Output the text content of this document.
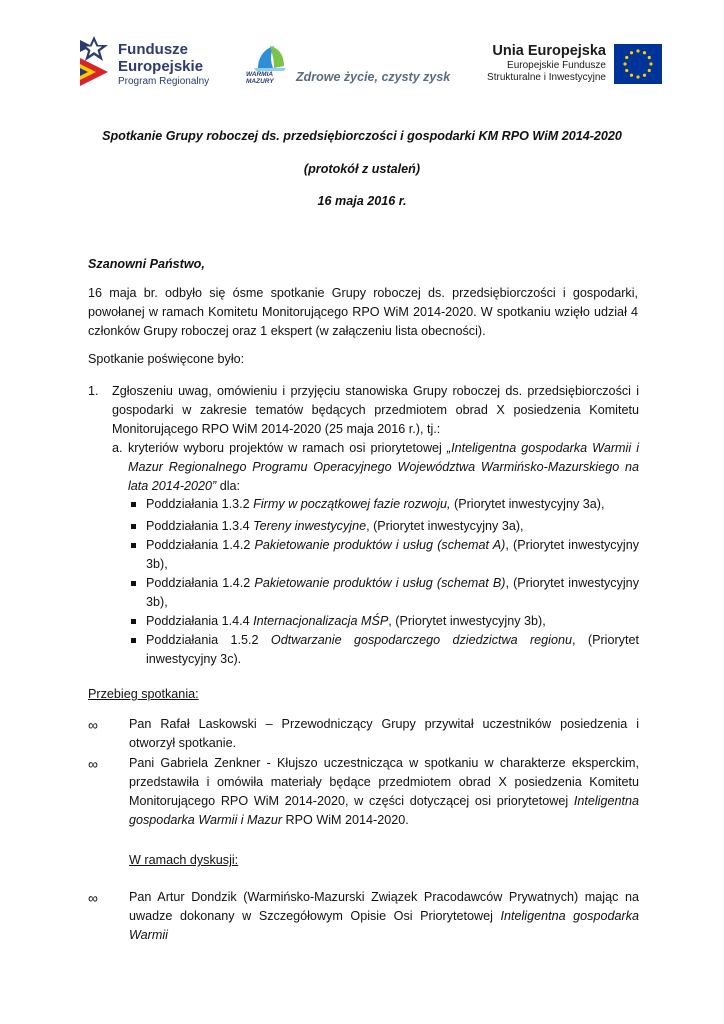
Fundusze
Europejskie
Program Regionalny
WARMIA
MAZURY Zdrowe życie, czysty zysk
Unia Europejska
Europejskie Fundusze
Strukturalne i Inwestycyjne
Spotkanie Grupy roboczej ds. przedsiębiorczości i gospodarki KM RPO WiM 2014-2020
(protokół z ustaleń)
16 maja 2016 r.
Szanowni Państwo,
16 maja br. odbyło się ósme spotkanie Grupy roboczej ds. przedsiębiorczości i gospodarki, powołanej w ramach Komitetu Monitorującego RPO WiM 2014-2020. W spotkaniu wzięło udział 4 członków Grupy roboczej oraz 1 ekspert (w załączeniu lista obecności).
Spotkanie poświęcone było:
1. Zgłoszeniu uwag, omówieniu i przyjęciu stanowiska Grupy roboczej ds. przedsiębiorczości i gospodarki w zakresie tematów będących przedmiotem obrad X posiedzenia Komitetu Monitorującego RPO WiM 2014-2020 (25 maja 2016 r.), tj.:
a. kryteriów wyboru projektów w ramach osi priorytetowej „Inteligentna gospodarka Warmii i Mazur Regionalnego Programu Operacyjnego Województwa Warmińsko-Mazurskiego na lata 2014-2020” dla:
Poddziałania 1.3.2 Firmy w początkowej fazie rozwoju, (Priorytet inwestycyjny 3a),
Poddziałania 1.3.4 Tereny inwestycyjne, (Priorytet inwestycyjny 3a),
Poddziałania 1.4.2 Pakietowanie produktów i usług (schemat A), (Priorytet inwestycyjny 3b),
Poddziałania 1.4.2 Pakietowanie produktów i usług (schemat B), (Priorytet inwestycyjny 3b),
Poddziałania 1.4.4 Internacjonalizacja MŚP, (Priorytet inwestycyjny 3b),
Poddziałania 1.5.2 Odtwarzanie gospodarczego dziedzictwa regionu, (Priorytet inwestycyjny 3c).
Przebieg spotkania:
∞ Pan Rafał Laskowski – Przewodniczący Grupy przywitał uczestników posiedzenia i otworzył spotkanie.
∞ Pani Gabriela Zenkner - Kłujszo uczestnicząca w spotkaniu w charakterze eksperckim, przedstawiła i omówiła materiały będące przedmiotem obrad X posiedzenia Komitetu Monitorującego RPO WiM 2014-2020, w części dotyczącej osi priorytetowej Inteligentna gospodarka Warmii i Mazur RPO WiM 2014-2020.
W ramach dyskusji:
∞ Pan Artur Dondzik (Warmińsko-Mazurski Związek Pracodawców Prywatnych) mając na uwadze dokonany w Szczegółowym Opisie Osi Priorytetowej Inteligentna gospodarka Warmii
